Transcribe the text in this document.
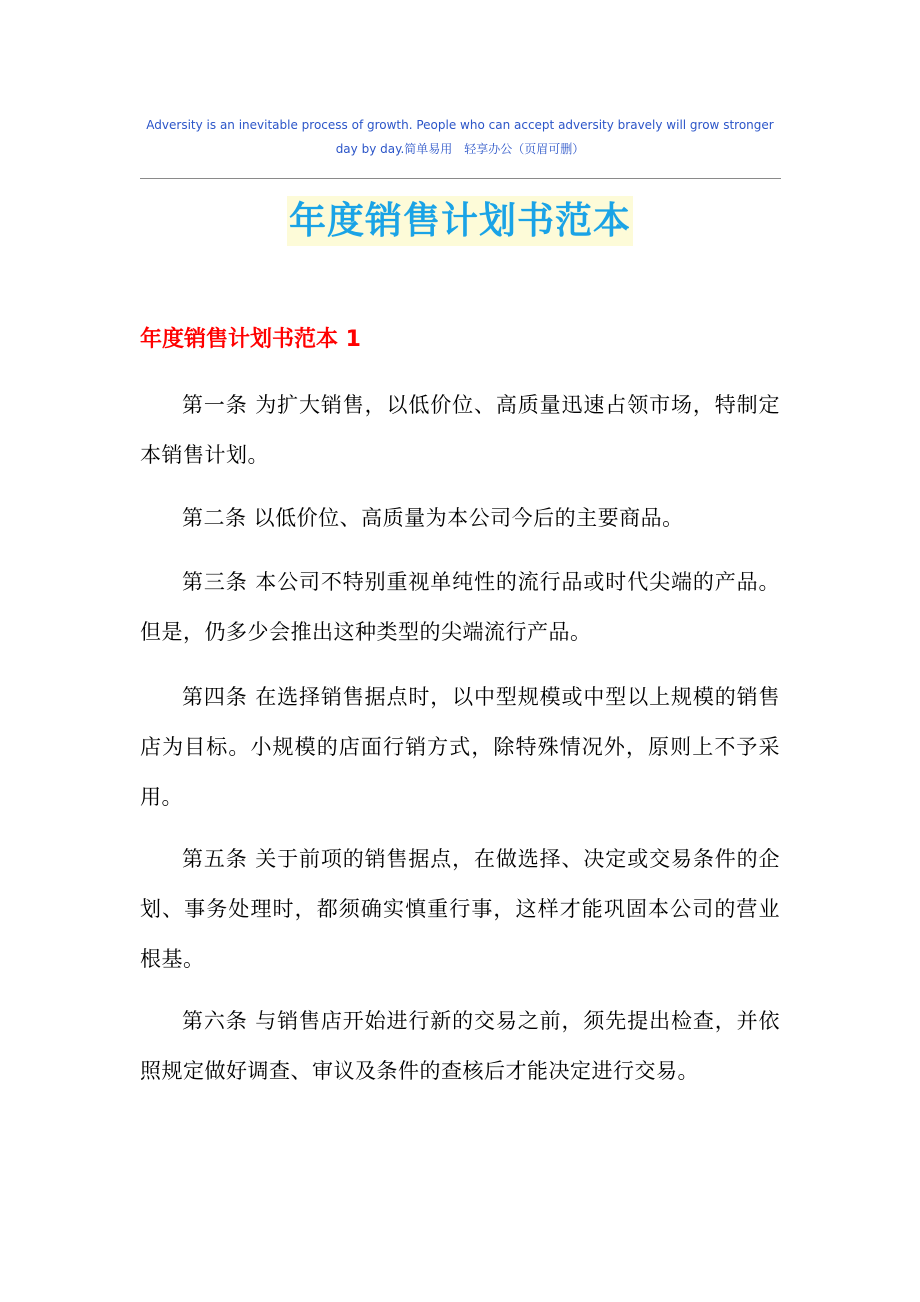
Adversity is an inevitable process of growth. People who can accept adversity bravely will grow stronger day by day.简单易用　轻享办公（页眉可删）
年度销售计划书范本
年度销售计划书范本 1

第一条 为扩大销售，以低价位、高质量迅速占领市场，特制定本销售计划。

第二条 以低价位、高质量为本公司今后的主要商品。

第三条 本公司不特别重视单纯性的流行品或时代尖端的产品。但是，仍多少会推出这种类型的尖端流行产品。

第四条 在选择销售据点时，以中型规模或中型以上规模的销售店为目标。小规模的店面行销方式，除特殊情况外，原则上不予采用。

第五条 关于前项的销售据点，在做选择、决定或交易条件的企划、事务处理时，都须确实慎重行事，这样才能巩固本公司的营业根基。

第六条 与销售店开始进行新的交易之前，须先提出检查，并依照规定做好调查、审议及条件的查核后才能决定进行交易。
